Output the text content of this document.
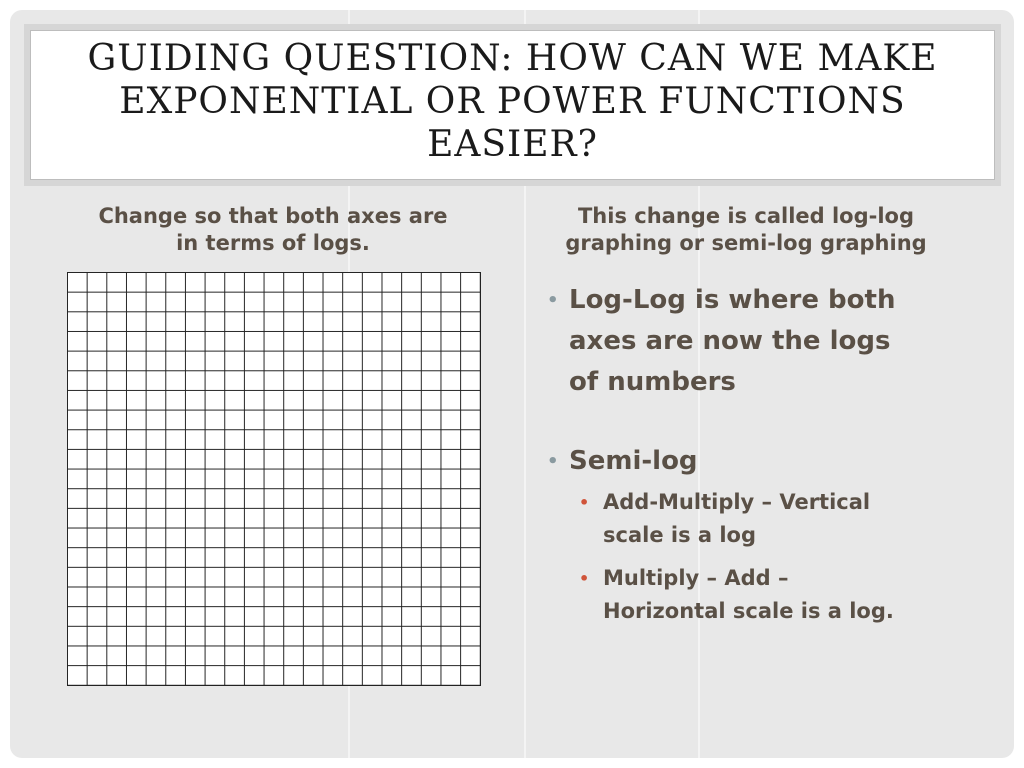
GUIDING QUESTION: HOW CAN WE MAKE
EXPONENTIAL OR POWER FUNCTIONS
EASIER?

Change so that both axes are
in terms of logs.

This change is called log-log
graphing or semi-log graphing

• Log-Log is where both
axes are now the logs
of numbers
• Semi-log
• Add-Multiply – Vertical
scale is a log
• Multiply – Add –
Horizontal scale is a log.
